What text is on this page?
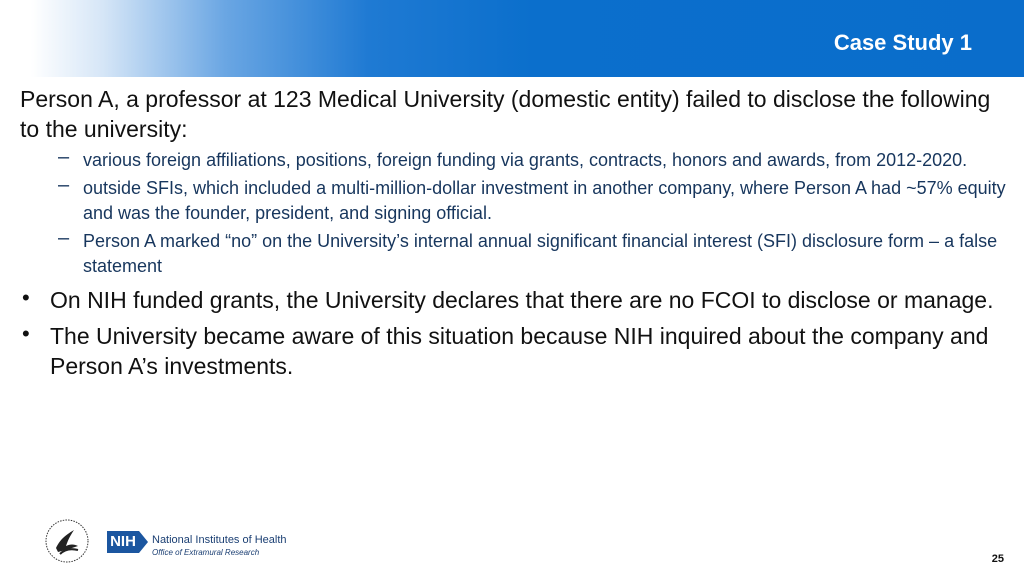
Case Study 1

Person A, a professor at 123 Medical University (domestic entity) failed to disclose the following to the university:

– various foreign affiliations, positions, foreign funding via grants, contracts, honors and awards, from 2012-2020.
– outside SFIs, which included a multi-million-dollar investment in another company, where Person A had ~57% equity and was the founder, president, and signing official.
– Person A marked “no” on the University’s internal annual significant financial interest (SFI) disclosure form – a false statement
• On NIH funded grants, the University declares that there are no FCOI to disclose or manage.
• The University became aware of this situation because NIH inquired about the company and Person A’s investments.
NIH National Institutes of Health
Office of Extramural Research
25
